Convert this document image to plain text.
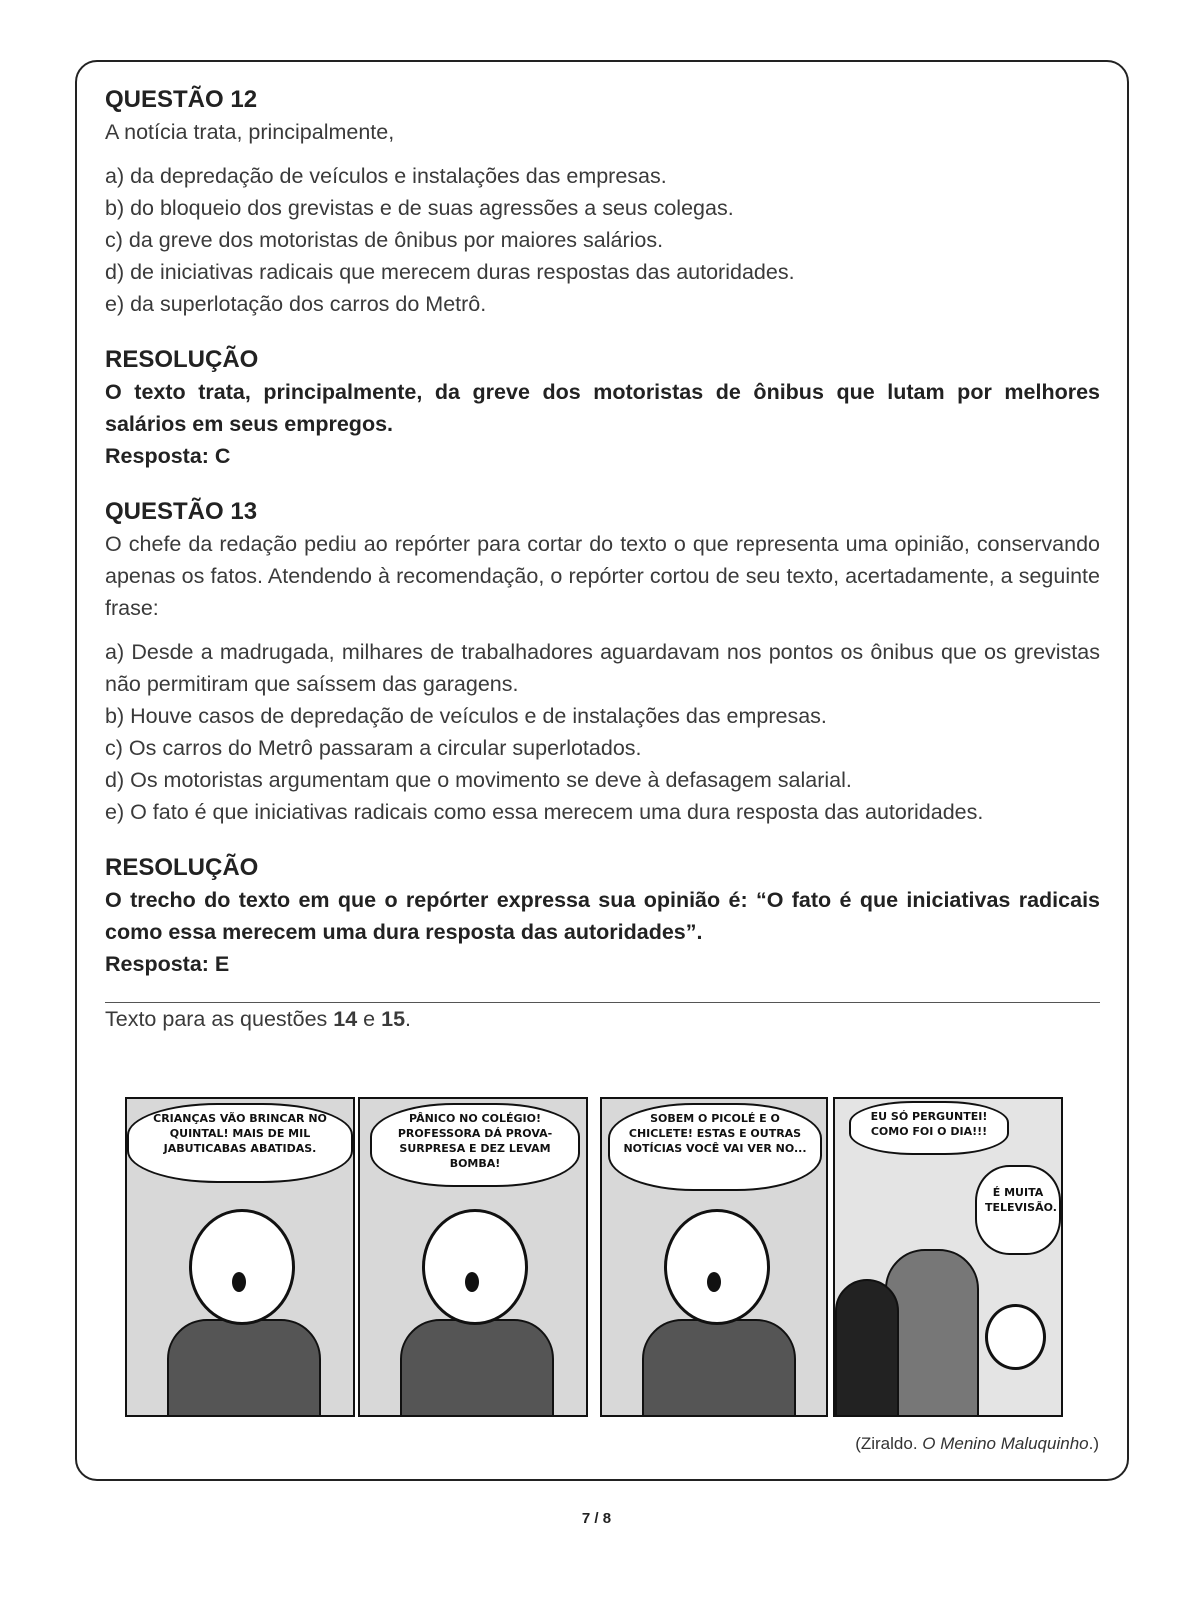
QUESTÃO 12

A notícia trata, principalmente,

a) da depredação de veículos e instalações das empresas.
b) do bloqueio dos grevistas e de suas agressões a seus colegas.
c) da greve dos motoristas de ônibus por maiores salários.
d) de iniciativas radicais que merecem duras respostas das autoridades.
e) da superlotação dos carros do Metrô.
RESOLUÇÃO

O texto trata, principalmente, da greve dos motoristas de ônibus que lutam por melhores salários em seus empregos.

Resposta: C

QUESTÃO 13

O chefe da redação pediu ao repórter para cortar do texto o que representa uma opinião, conservando apenas os fatos. Atendendo à recomendação, o repórter cortou de seu texto, acertadamente, a seguinte frase:

a) Desde a madrugada, milhares de trabalhadores aguardavam nos pontos os ônibus que os grevistas não permitiram que saíssem das garagens.
b) Houve casos de depredação de veículos e de instalações das empresas.
c) Os carros do Metrô passaram a circular superlotados.
d) Os motoristas argumentam que o movimento se deve à defasagem salarial.
e) O fato é que iniciativas radicais como essa merecem uma dura resposta das autoridades.
RESOLUÇÃO

O trecho do texto em que o repórter expressa sua opinião é: “O fato é que iniciativas radicais como essa merecem uma dura resposta das autoridades”.

Resposta: E

Texto para as questões 14 e 15.

CRIANÇAS VÃO BRINCAR NO QUINTAL! MAIS DE MIL JABUTICABAS ABATIDAS.
PÂNICO NO COLÉGIO! PROFESSORA DÁ PROVA-SURPRESA E DEZ LEVAM BOMBA!
SOBEM O PICOLÉ E O CHICLETE! ESTAS E OUTRAS NOTÍCIAS VOCÊ VAI VER NO...
EU SÓ PERGUNTEI! COMO FOI O DIA!!!
É MUITA TELEVISÃO.
(Ziraldo. O Menino Maluquinho.)
7 / 8
